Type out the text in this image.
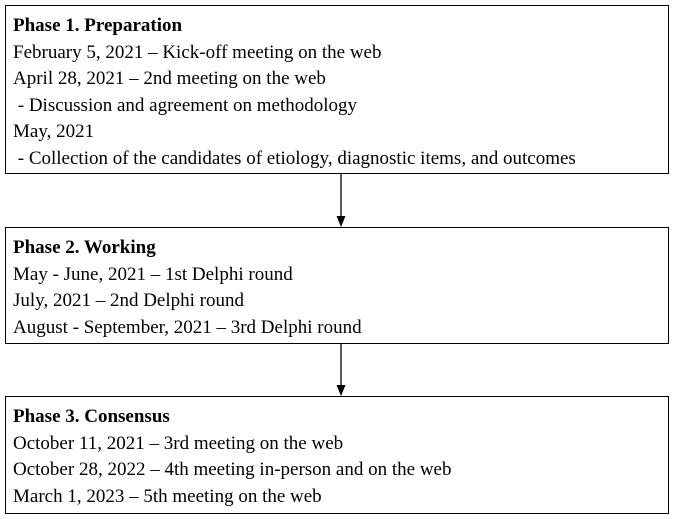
Phase 1. Preparation
February 5, 2021 – Kick-off meeting on the web
April 28, 2021 – 2nd meeting on the web
- Discussion and agreement on methodology
May, 2021
- Collection of the candidates of etiology, diagnostic items, and outcomes
Phase 2. Working
May - June, 2021 – 1st Delphi round
July, 2021 – 2nd Delphi round
August - September, 2021 – 3rd Delphi round
Phase 3. Consensus
October 11, 2021 – 3rd meeting on the web
October 28, 2022 – 4th meeting in-person and on the web
March 1, 2023 – 5th meeting on the web
